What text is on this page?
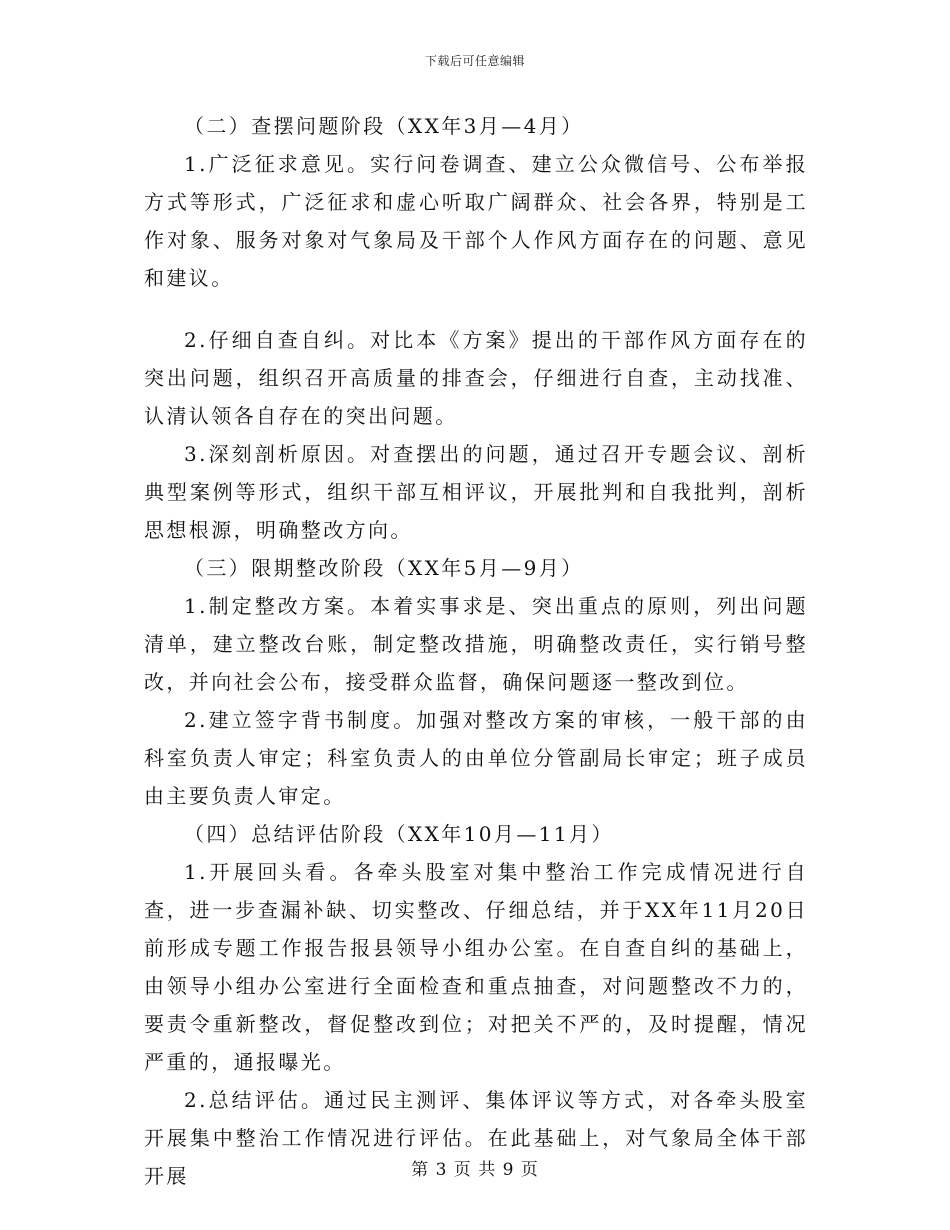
下载后可任意编辑

（二）查摆问题阶段（XX年3月—4月）

1.广泛征求意见。实行问卷调查、建立公众微信号、公布举报方式等形式，广泛征求和虚心听取广阔群众、社会各界，特别是工作对象、服务对象对气象局及干部个人作风方面存在的问题、意见和建议。

2.仔细自查自纠。对比本《方案》提出的干部作风方面存在的突出问题，组织召开高质量的排查会，仔细进行自查，主动找准、认清认领各自存在的突出问题。

3.深刻剖析原因。对查摆出的问题，通过召开专题会议、剖析典型案例等形式，组织干部互相评议，开展批判和自我批判，剖析思想根源，明确整改方向。

（三）限期整改阶段（XX年5月—9月）

1.制定整改方案。本着实事求是、突出重点的原则，列出问题清单，建立整改台账，制定整改措施，明确整改责任，实行销号整改，并向社会公布，接受群众监督，确保问题逐一整改到位。

2.建立签字背书制度。加强对整改方案的审核，一般干部的由科室负责人审定；科室负责人的由单位分管副局长审定；班子成员由主要负责人审定。

（四）总结评估阶段（XX年10月—11月）

1.开展回头看。各牵头股室对集中整治工作完成情况进行自查，进一步查漏补缺、切实整改、仔细总结，并于XX年11月20日前形成专题工作报告报县领导小组办公室。在自查自纠的基础上，由领导小组办公室进行全面检查和重点抽查，对问题整改不力的，要责令重新整改，督促整改到位；对把关不严的，及时提醒，情况严重的，通报曝光。

2.总结评估。通过民主测评、集体评议等方式，对各牵头股室开展集中整治工作情况进行评估。在此基础上，对气象局全体干部开展	第 3 页 共 9 页
